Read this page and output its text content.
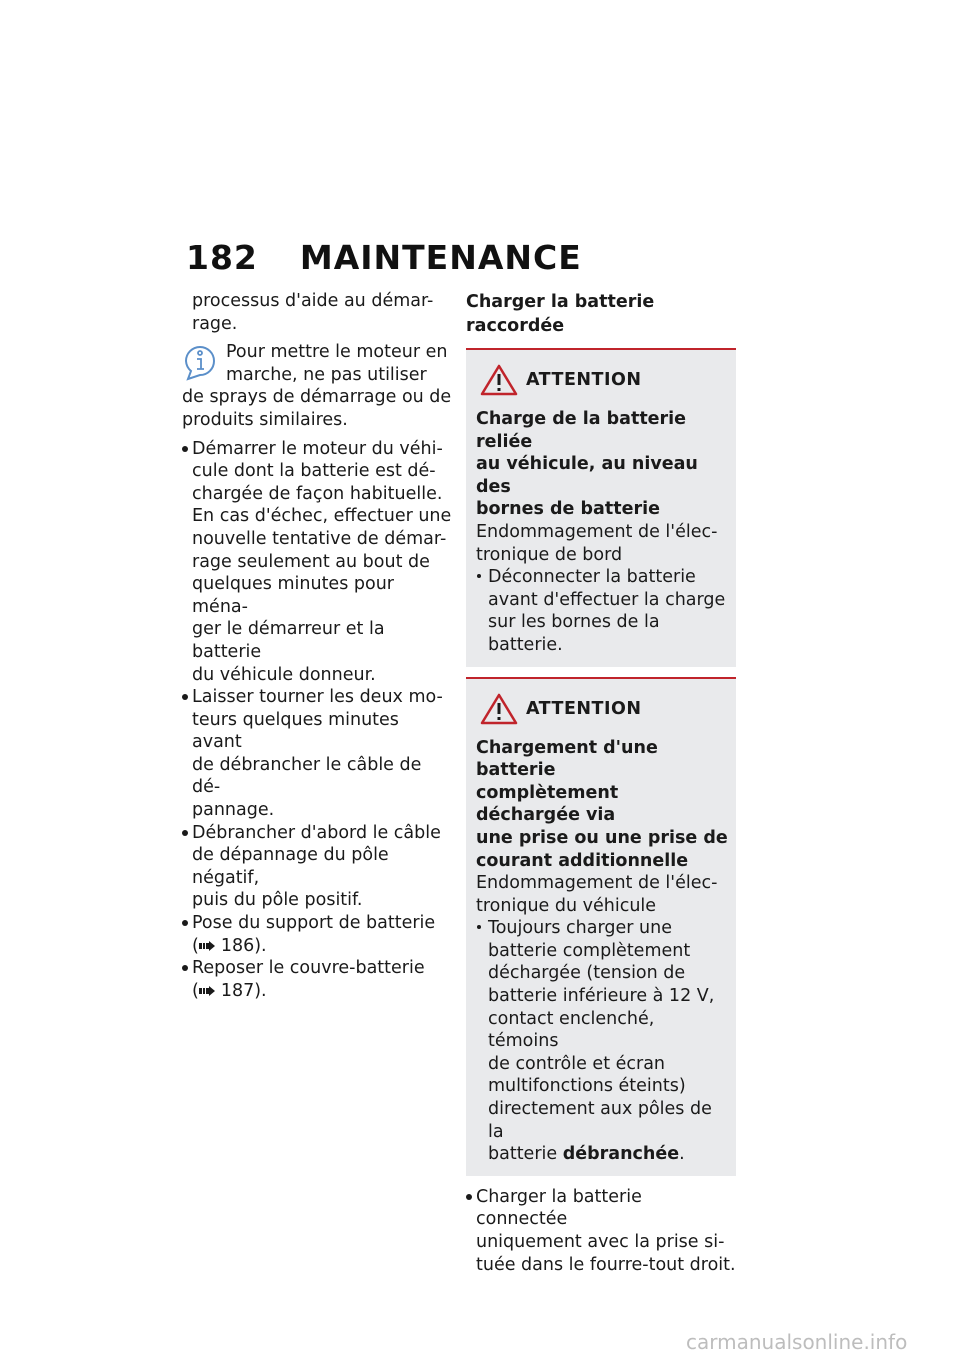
182 MAINTENANCE
processus d'aide au démar-
rage.
Pour mettre le moteur en
marche, ne pas utiliser
de sprays de démarrage ou de
produits similaires.
Démarrer le moteur du véhi-
cule dont la batterie est dé-
chargée de façon habituelle.
En cas d'échec, effectuer une
nouvelle tentative de démar-
rage seulement au bout de
quelques minutes pour ména-
ger le démarreur et la batterie
du véhicule donneur.
Laisser tourner les deux mo-
teurs quelques minutes avant
de débrancher le câble de dé-
pannage.
Débrancher d'abord le câble
de dépannage du pôle négatif,
puis du pôle positif.
Pose du support de batterie
( 186).
Reposer le couvre-batterie
( 187).
Charger la batterie raccordée
ATTENTION
Charge de la batterie reliée
au véhicule, au niveau des
bornes de batterie
Endommagement de l'élec-
tronique de bord
Déconnecter la batterie
avant d'effectuer la charge
sur les bornes de la batterie.
ATTENTION
Chargement d'une batterie
complètement déchargée via
une prise ou une prise de
courant additionnelle
Endommagement de l'élec-
tronique du véhicule
Toujours charger une
batterie complètement
déchargée (tension de
batterie inférieure à 12 V,
contact enclenché, témoins
de contrôle et écran
multifonctions éteints)
directement aux pôles de la
batterie débranchée.
Charger la batterie connectée
uniquement avec la prise si-
tuée dans le fourre-tout droit.
carmanualsonline.info
